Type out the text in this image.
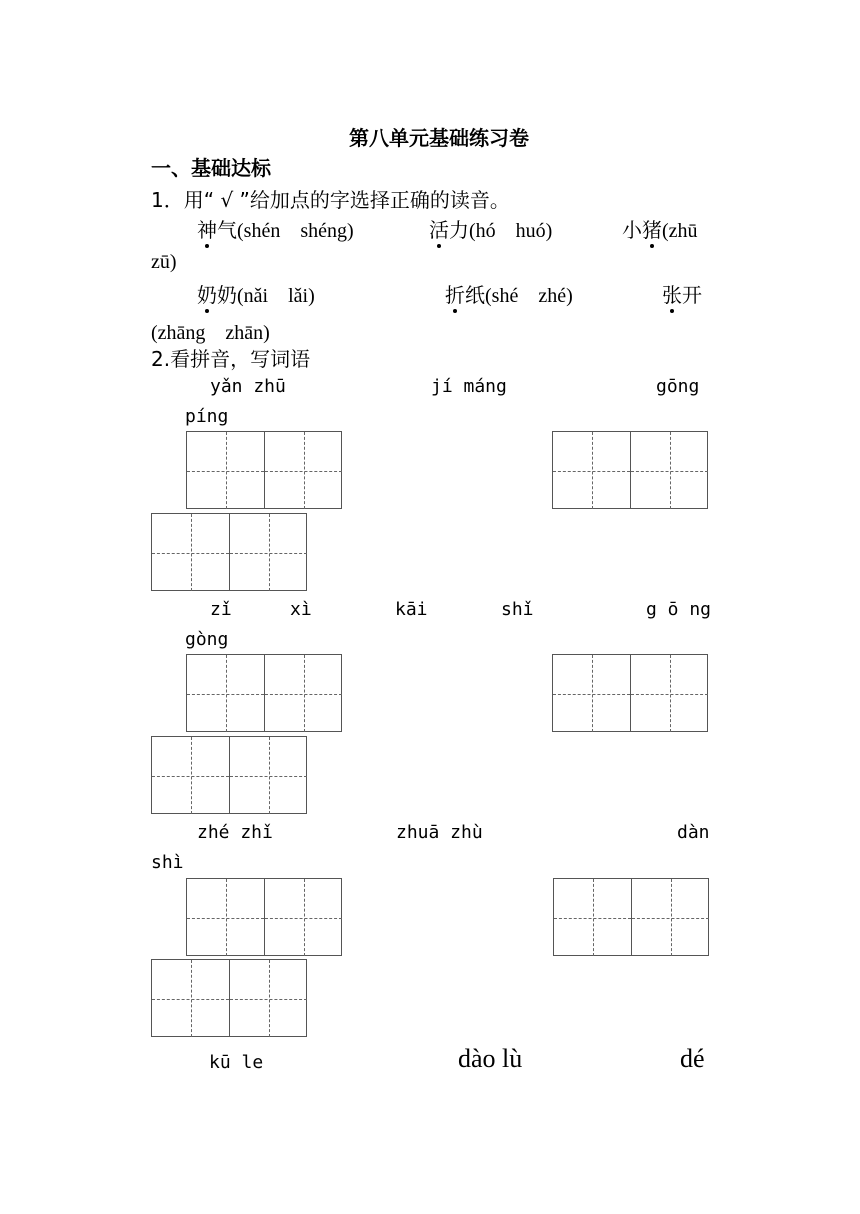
第八单元基础练习卷
一、基础达标
1．用“ √ ”给加点的字选择正确的读音。
神气(shén　shéng)	活力(hó　huó)	小猪(zhū
zū)
奶奶(nǎi　lǎi)	折纸(shé　zhé)	张开
(zhāng　zhān)
2.看拼音，写词语
yǎn zhū	jí máng	gōng
píng
zǐ	xì	kāi	shǐ	g ō ng
gòng
zhé zhǐ	zhuā zhù	dàn
shì
kū le	dào lù	dé
